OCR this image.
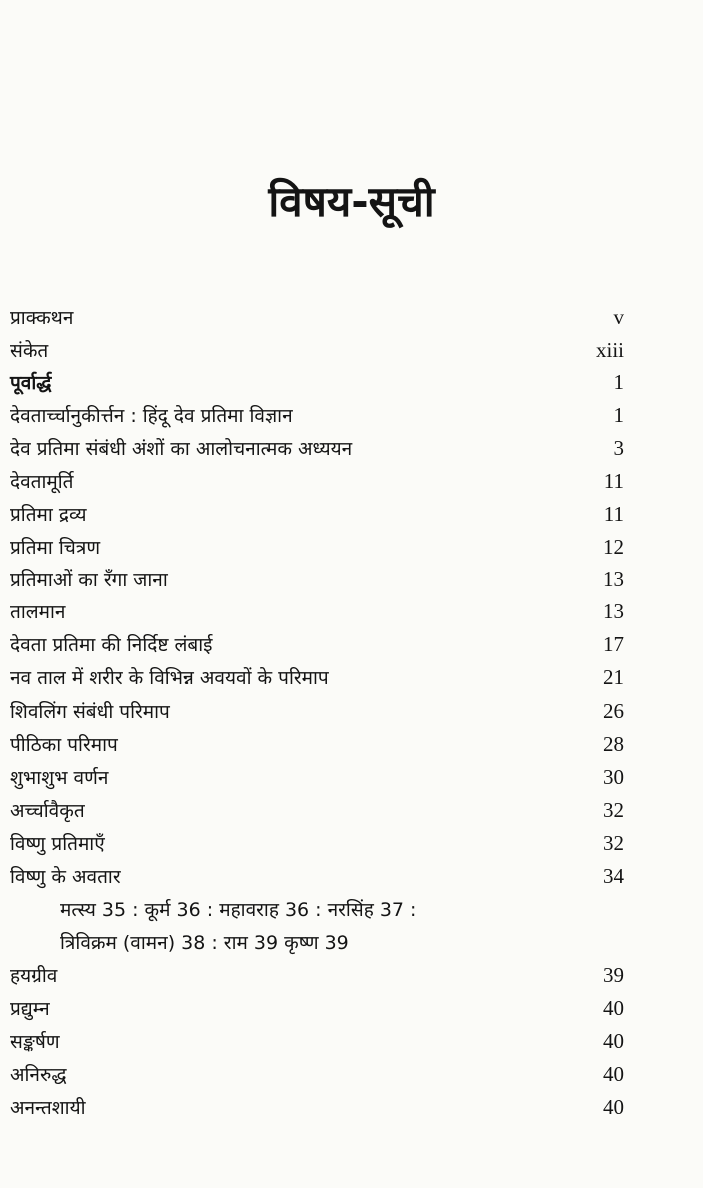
विषय-सूची
प्राक्कथन	v
संकेत	xiii
पूर्वार्द्ध	1
देवतार्च्चानुकीर्त्तन : हिंदू देव प्रतिमा विज्ञान	1
देव प्रतिमा संबंधी अंशों का आलोचनात्मक अध्ययन	3
देवतामूर्ति	11
प्रतिमा द्रव्य	11
प्रतिमा चित्रण	12
प्रतिमाओं का रँगा जाना	13
तालमान	13
देवता प्रतिमा की निर्दिष्ट लंबाई	17
नव ताल में शरीर के विभिन्न अवयवों के परिमाप	21
शिवलिंग संबंधी परिमाप	26
पीठिका परिमाप	28
शुभाशुभ वर्णन	30
अर्च्चावैकृत	32
विष्णु प्रतिमाएँ	32
विष्णु के अवतार	34
मत्स्य 35 : कूर्म 36 : महावराह 36 : नरसिंह 37 :
त्रिविक्रम (वामन) 38 : राम 39 कृष्ण 39
हयग्रीव	39
प्रद्युम्न	40
सङ्कर्षण	40
अनिरुद्ध	40
अनन्तशायी	40
